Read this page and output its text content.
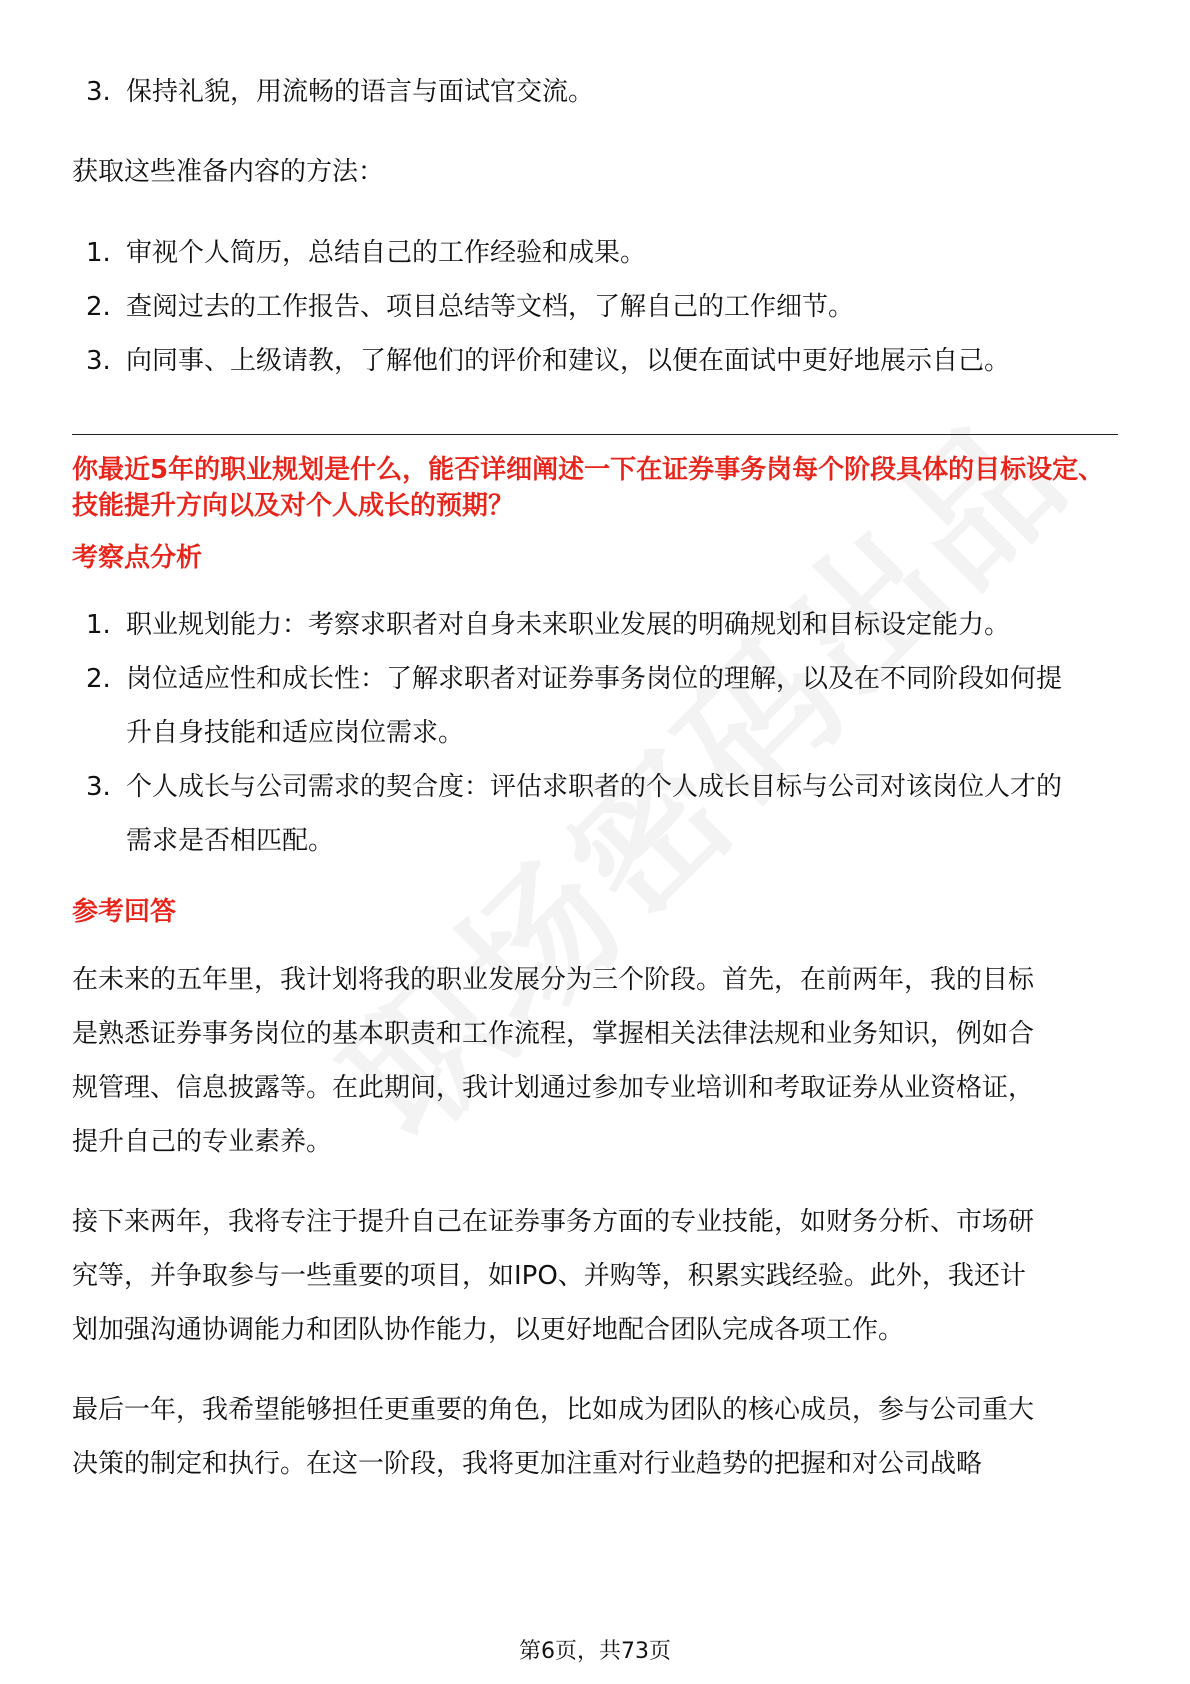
3. 保持礼貌，用流畅的语言与面试官交流。

获取这些准备内容的方法：

1. 审视个人简历，总结自己的工作经验和成果。
2. 查阅过去的工作报告、项目总结等文档，了解自己的工作细节。
3. 向同事、上级请教，了解他们的评价和建议，以便在面试中更好地展示自己。

你最近5年的职业规划是什么，能否详细阐述一下在证券事务岗每个阶段具体的目标设定、技能提升方向以及对个人成长的预期？

考察点分析

1. 职业规划能力：考察求职者对自身未来职业发展的明确规划和目标设定能力。
2. 岗位适应性和成长性：了解求职者对证券事务岗位的理解，以及在不同阶段如何提升自身技能和适应岗位需求。
3. 个人成长与公司需求的契合度：评估求职者的个人成长目标与公司对该岗位人才的需求是否相匹配。

参考回答

在未来的五年里，我计划将我的职业发展分为三个阶段。首先，在前两年，我的目标是熟悉证券事务岗位的基本职责和工作流程，掌握相关法律法规和业务知识，例如合规管理、信息披露等。在此期间，我计划通过参加专业培训和考取证券从业资格证，提升自己的专业素养。

接下来两年，我将专注于提升自己在证券事务方面的专业技能，如财务分析、市场研究等，并争取参与一些重要的项目，如IPO、并购等，积累实践经验。此外，我还计划加强沟通协调能力和团队协作能力，以更好地配合团队完成各项工作。

最后一年，我希望能够担任更重要的角色，比如成为团队的核心成员，参与公司重大决策的制定和执行。在这一阶段，我将更加注重对行业趋势的把握和对公司战略

第6页，共73页
